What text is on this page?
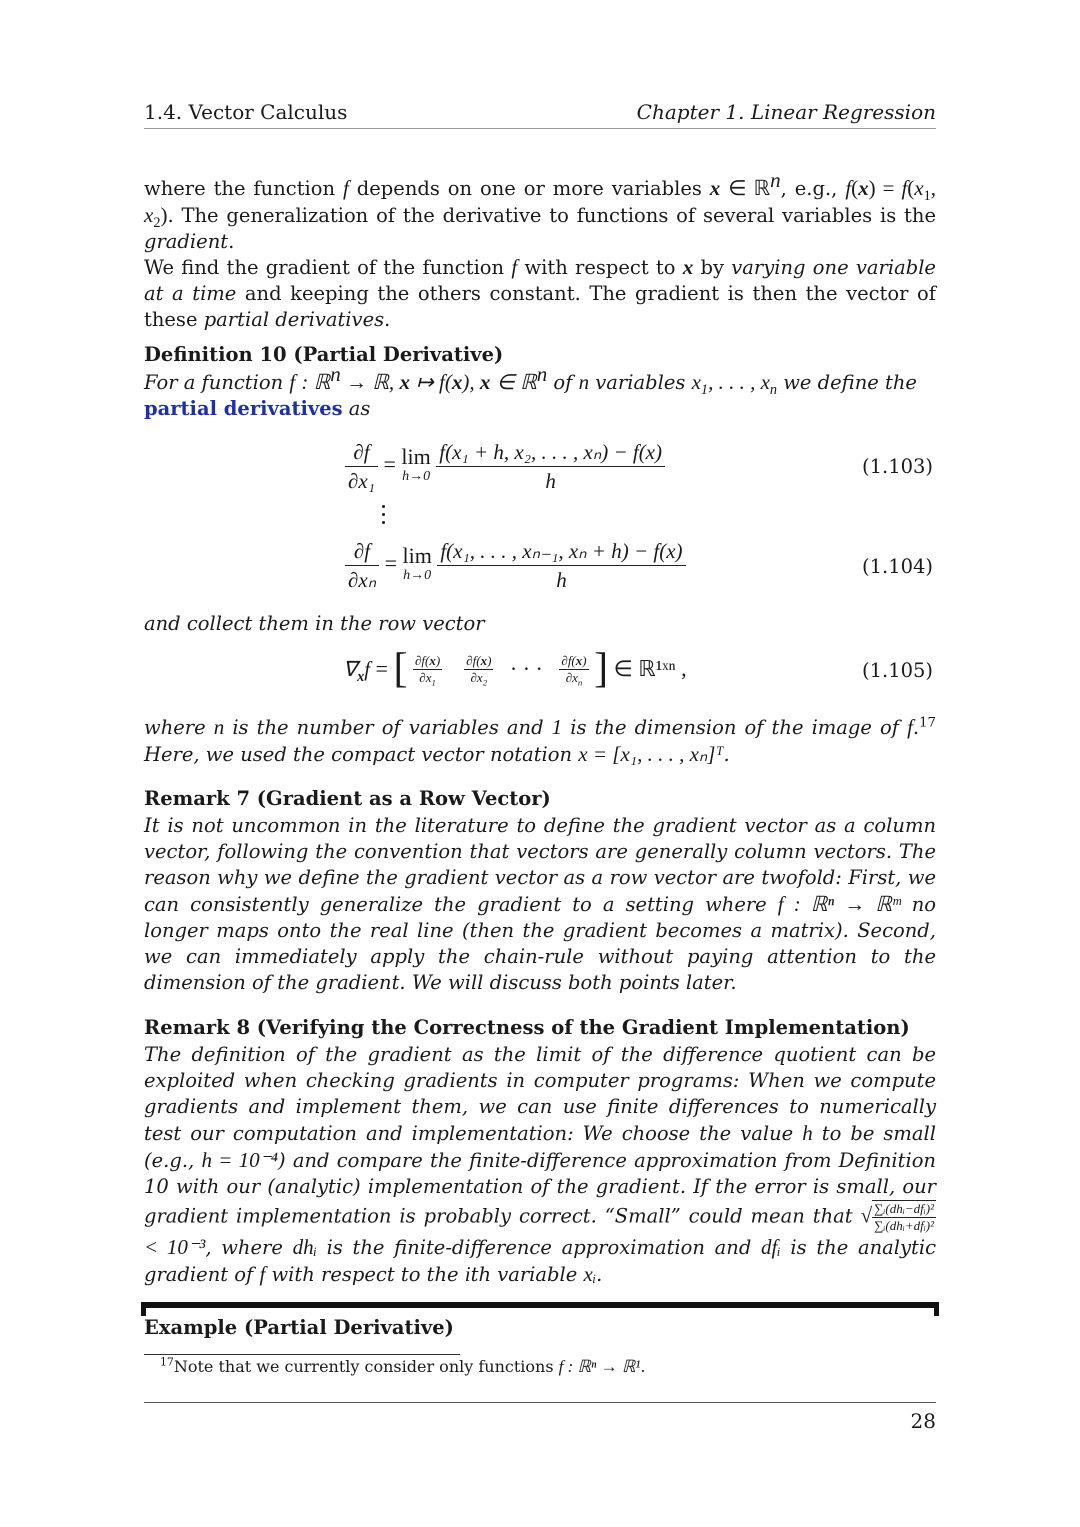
1.4. Vector Calculus	Chapter 1. Linear Regression
where the function f depends on one or more variables x ∈ ℝ$^n$, e.g., $f(x) = f(x_1$, $x_2$). The generalization of the derivative to functions of several variables is the gradient.
We find the gradient of the function f with respect to x by varying one variable at a time and keeping the others constant. The gradient is then the vector of these partial derivatives.
Definition 10 (Partial Derivative)
For a function f : ℝ$^n$ → ℝ, x ↦ f(x), x ∈ ℝ$^n$ of n variables $x_1$, . . . , $x_n$ we define the
partial derivatives as
$\frac{\partial f}{\text{∂x₁}} = \lim$
h→0
$\frac{\text{f(x₁ + h, x₂, . . . , xₙ) − f(x)}}{h}$	(1.103)
$\frac{\partial f}{\text{∂xₙ}} = \lim$
h→0
$\frac{\text{f(x₁, . . . , xₙ₋₁, xₙ + h) − f(x)}}{h}$	(1.104)
and collect them in the row vector
$\nabla_xf$ = [ $\frac{\partial f(x)}{\partial x_1}$
$\frac{\partial f(x)}{\partial x_2}$ · · · $\frac{\partial f(x)}{\partial x_n}$ ] ∈ ℝ¹ˣⁿ ,	(1.105)
where n is the number of variables and 1 is the dimension of the image of f.$^{17}$ Here, we used the compact vector notation x = [x₁, . . . , xₙ]ᵀ.
Remark 7 (Gradient as a Row Vector)
It is not uncommon in the literature to define the gradient vector as a column vector, following the convention that vectors are generally column vectors. The reason why we define the gradient vector as a row vector are twofold: First, we can consistently generalize the gradient to a setting where f : ℝⁿ → ℝᵐ no longer maps onto the real line (then the gradient becomes a matrix). Second, we can immediately apply the chain-rule without paying attention to the dimension of the gradient. We will discuss both points later.
Remark 8 (Verifying the Correctness of the Gradient Implementation)
The definition of the gradient as the limit of the difference quotient can be exploited when checking gradients in computer programs: When we compute gradients and implement them, we can use finite differences to numerically test our computation and implementation: We choose the value h to be small (e.g., h = 10⁻⁴) and compare the finite-difference approximation from Definition 10 with our (analytic) implementation of the gradient. If the error is small, our gradient implementation is probably correct. “Small” could mean that √ $\frac{\text{∑ᵢ(dhᵢ−dfᵢ)²}}{\text{∑ᵢ(dhᵢ+dfᵢ)²}}$
< 10⁻³, where dhᵢ is the finite-difference approximation and dfᵢ is the analytic gradient of f with respect to the ith variable xᵢ.
Example (Partial Derivative)
$^{17}$Note that we currently consider only functions f : ℝⁿ → ℝ¹.
28
